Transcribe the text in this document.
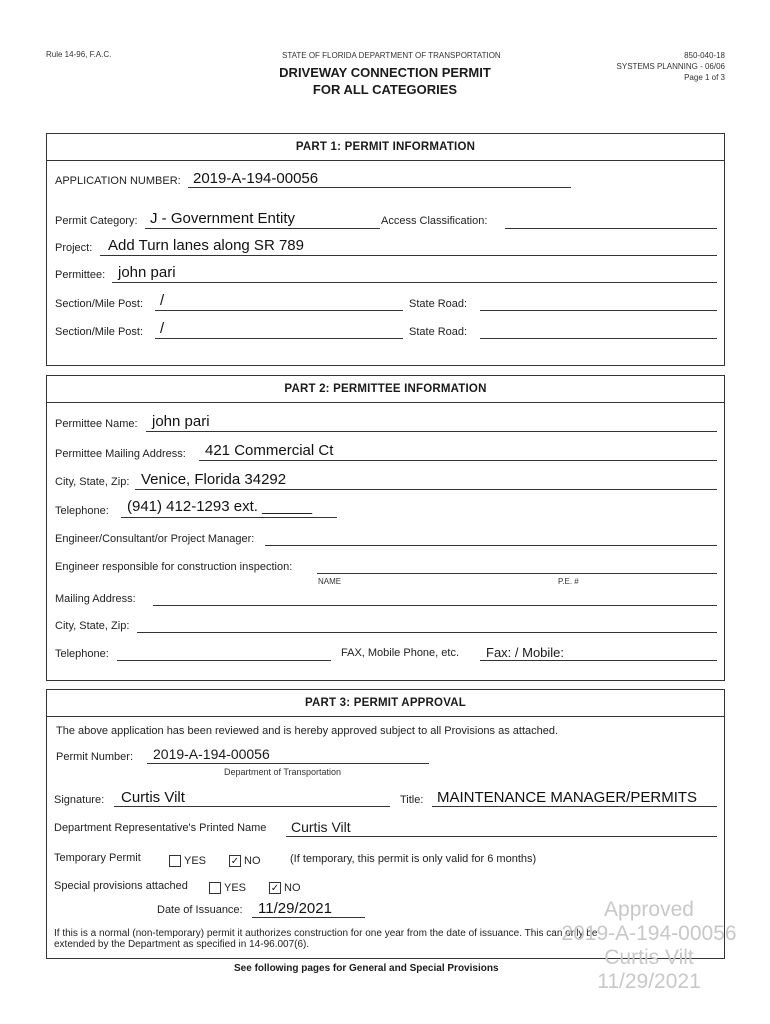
Rule 14-96, F.A.C.	STATE OF FLORIDA DEPARTMENT OF TRANSPORTATION
DRIVEWAY CONNECTION PERMIT
FOR ALL CATEGORIES
850-040-18
SYSTEMS PLANNING - 06/06
Page 1 of 3
PART 1: PERMIT INFORMATION
APPLICATION NUMBER: 2019-A-194-00056
Permit Category: J - Government Entity	Access Classification:
Project: Add Turn lanes along SR 789
Permittee: john pari
Section/Mile Post: /	State Road:
Section/Mile Post: /	State Road:
PART 2: PERMITTEE INFORMATION
Permittee Name: john pari
Permittee Mailing Address: 421 Commercial Ct
City, State, Zip: Venice, Florida 34292
Telephone: (941) 412-1293 ext. ______
Engineer/Consultant/or Project Manager:
Engineer responsible for construction inspection:
NAME	P.E. #
Mailing Address:
City, State, Zip:
Telephone:	FAX, Mobile Phone, etc. Fax: / Mobile:
PART 3: PERMIT APPROVAL
The above application has been reviewed and is hereby approved subject to all Provisions as attached.
Permit Number: 2019-A-194-00056
Department of Transportation
Signature: Curtis Vilt	Title: MAINTENANCE MANAGER/PERMITS
Department Representative's Printed Name Curtis Vilt
Temporary Permit	YES ✓ NO	(If temporary, this permit is only valid for 6 months)
Special provisions attached	YES ✓ NO
Date of Issuance: 11/29/2021
If this is a normal (non-temporary) permit it authorizes construction for one year from the date of issuance. This can only be
extended by the Department as specified in 14-96.007(6).
See following pages for General and Special Provisions
Approved
2019-A-194-00056
Curtis Vilt
11/29/2021
